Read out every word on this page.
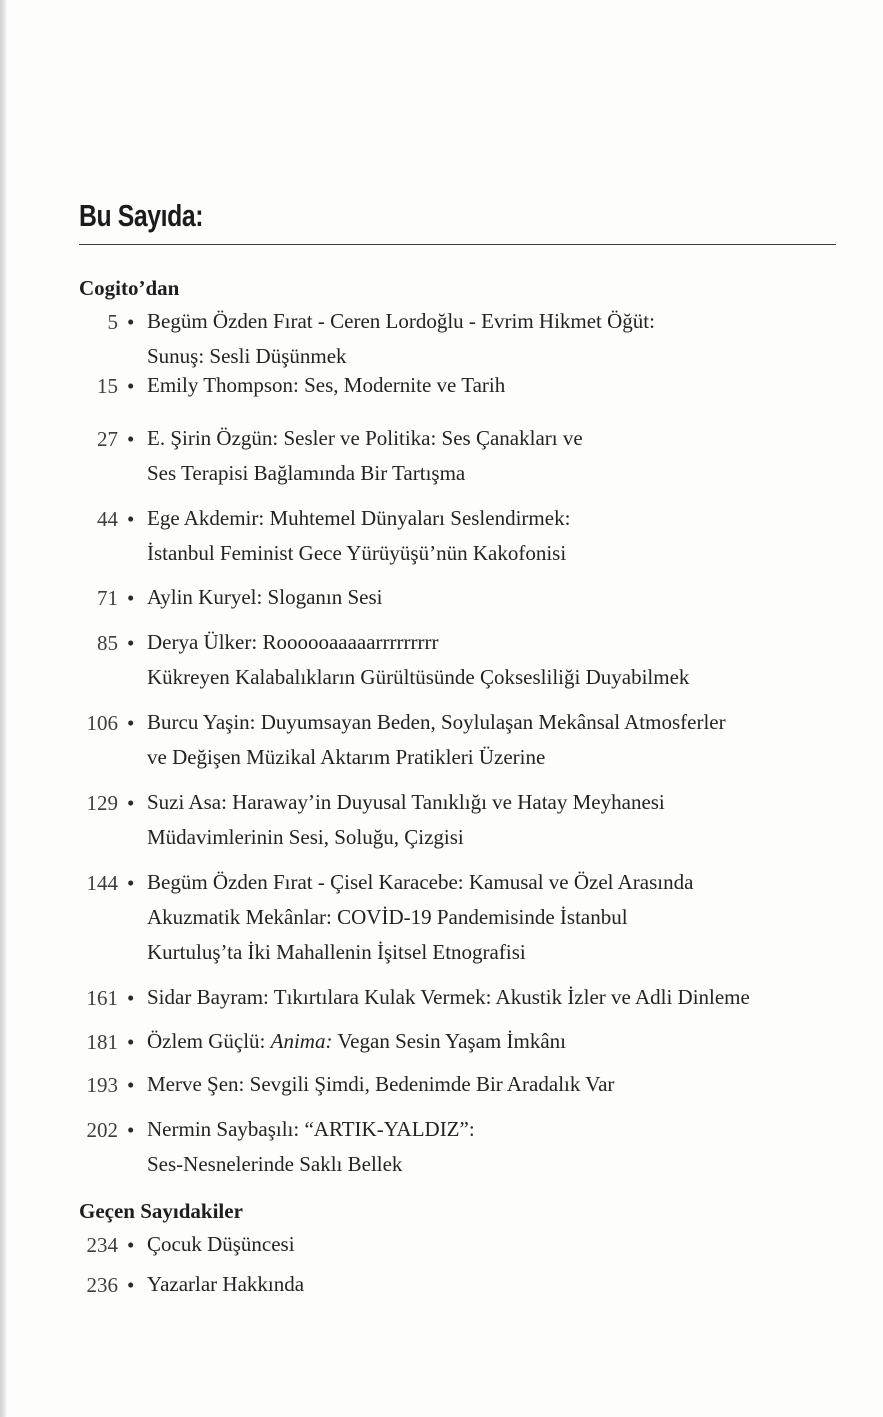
Bu Sayıda:
Cogito’dan
5 • Begüm Özden Fırat - Ceren Lordoğlu - Evrim Hikmet Öğüt:
Sunuş: Sesli Düşünmek
15 • Emily Thompson: Ses, Modernite ve Tarih
27 • E. Şirin Özgün: Sesler ve Politika: Ses Çanakları ve
Ses Terapisi Bağlamında Bir Tartışma
44 • Ege Akdemir: Muhtemel Dünyaları Seslendirmek:
İstanbul Feminist Gece Yürüyüşü’nün Kakofonisi
71 • Aylin Kuryel: Sloganın Sesi
85 • Derya Ülker: Roooooaaaaarrrrrrrrr
Kükreyen Kalabalıkların Gürültüsünde Çoksesliliği Duyabilmek
106 • Burcu Yaşin: Duyumsayan Beden, Soylulaşan Mekânsal Atmosferler
ve Değişen Müzikal Aktarım Pratikleri Üzerine
129 • Suzi Asa: Haraway’in Duyusal Tanıklığı ve Hatay Meyhanesi
Müdavimlerinin Sesi, Soluğu, Çizgisi
144 • Begüm Özden Fırat - Çisel Karacebe: Kamusal ve Özel Arasında
Akuzmatik Mekânlar: COVİD-19 Pandemisinde İstanbul
Kurtuluş’ta İki Mahallenin İşitsel Etnografisi
161 • Sidar Bayram: Tıkırtılara Kulak Vermek: Akustik İzler ve Adli Dinleme
181 • Özlem Güçlü: Anima: Vegan Sesin Yaşam İmkânı
193 • Merve Şen: Sevgili Şimdi, Bedenimde Bir Aradalık Var
202 • Nermin Saybaşılı: “ARTIK-YALDIZ”:
Ses-Nesnelerinde Saklı Bellek
Geçen Sayıdakiler
234 • Çocuk Düşüncesi
236 • Yazarlar Hakkında
